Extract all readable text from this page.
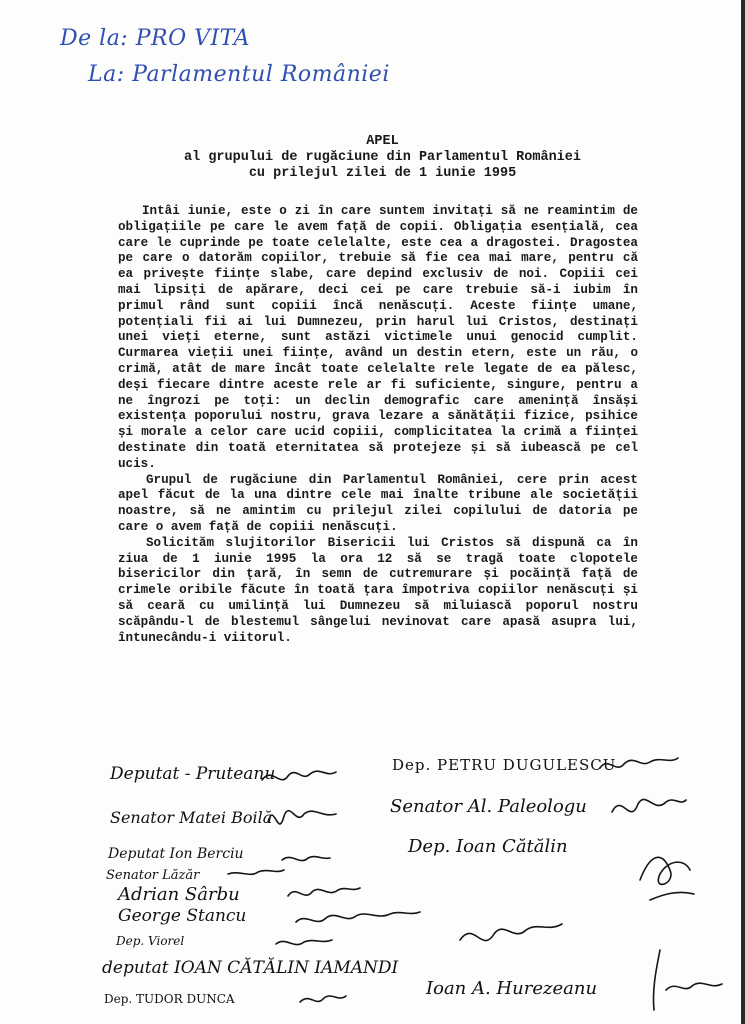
De la: PRO VITA
La: Parlamentul României
APEL
al grupului de rugăciune din Parlamentul României
cu prilejul zilei de 1 iunie 1995

Intâi iunie, este o zi în care suntem invitați să ne reamintim de obligațiile pe care le avem față de copii. Obligația esențială, cea care le cuprinde pe toate celelalte, este cea a dragostei. Dragostea pe care o datorăm copiilor, trebuie să fie cea mai mare, pentru că ea privește ființe slabe, care depind exclusiv de noi. Copiii cei mai lipsiți de apărare, deci cei pe care trebuie să-i iubim în primul rând sunt copiii încă nenăscuți. Aceste ființe umane, potențiali fii ai lui Dumnezeu, prin harul lui Cristos, destinați unei vieți eterne, sunt astăzi victimele unui genocid cumplit. Curmarea vieții unei ființe, având un destin etern, este un rău, o crimă, atât de mare încât toate celelalte rele legate de ea pălesc, deși fiecare dintre aceste rele ar fi suficiente, singure, pentru a ne îngrozi pe toți: un declin demografic care amenință însăși existența poporului nostru, grava lezare a sănătății fizice, psihice și morale a celor care ucid copiii, complicitatea la crimă a ființei destinate din toată eternitatea să protejeze și să iubească pe cel ucis.

Grupul de rugăciune din Parlamentul României, cere prin acest apel făcut de la una dintre cele mai înalte tribune ale societății noastre, să ne amintim cu prilejul zilei copilului de datoria pe care o avem față de copiii nenăscuți.

Solicităm slujitorilor Bisericii lui Cristos să dispună ca în ziua de 1 iunie 1995 la ora 12 să se tragă toate clopotele bisericilor din țară, în semn de cutremurare și pocăință față de crimele oribile făcute în toată țara împotriva copiilor nenăscuți și să ceară cu umilință lui Dumnezeu să miluiască poporul nostru scăpându-l de blestemul sângelui nevinovat care apasă asupra lui, întunecându-i viitorul.

Deputat - Pruteanu	Dep. PETRU DUGULESCU
Senator Matei Boilă
Senator Al. Paleologu
Deputat Ion Berciu	Dep. Ioan Cătălin
Senator Lăzăr
Adrian Sârbu
George Stancu
Dep. Viorel
deputat IOAN CĂTĂLIN IAMANDI
Dep. TUDOR DUNCA	Ioan A. Hurezeanu
